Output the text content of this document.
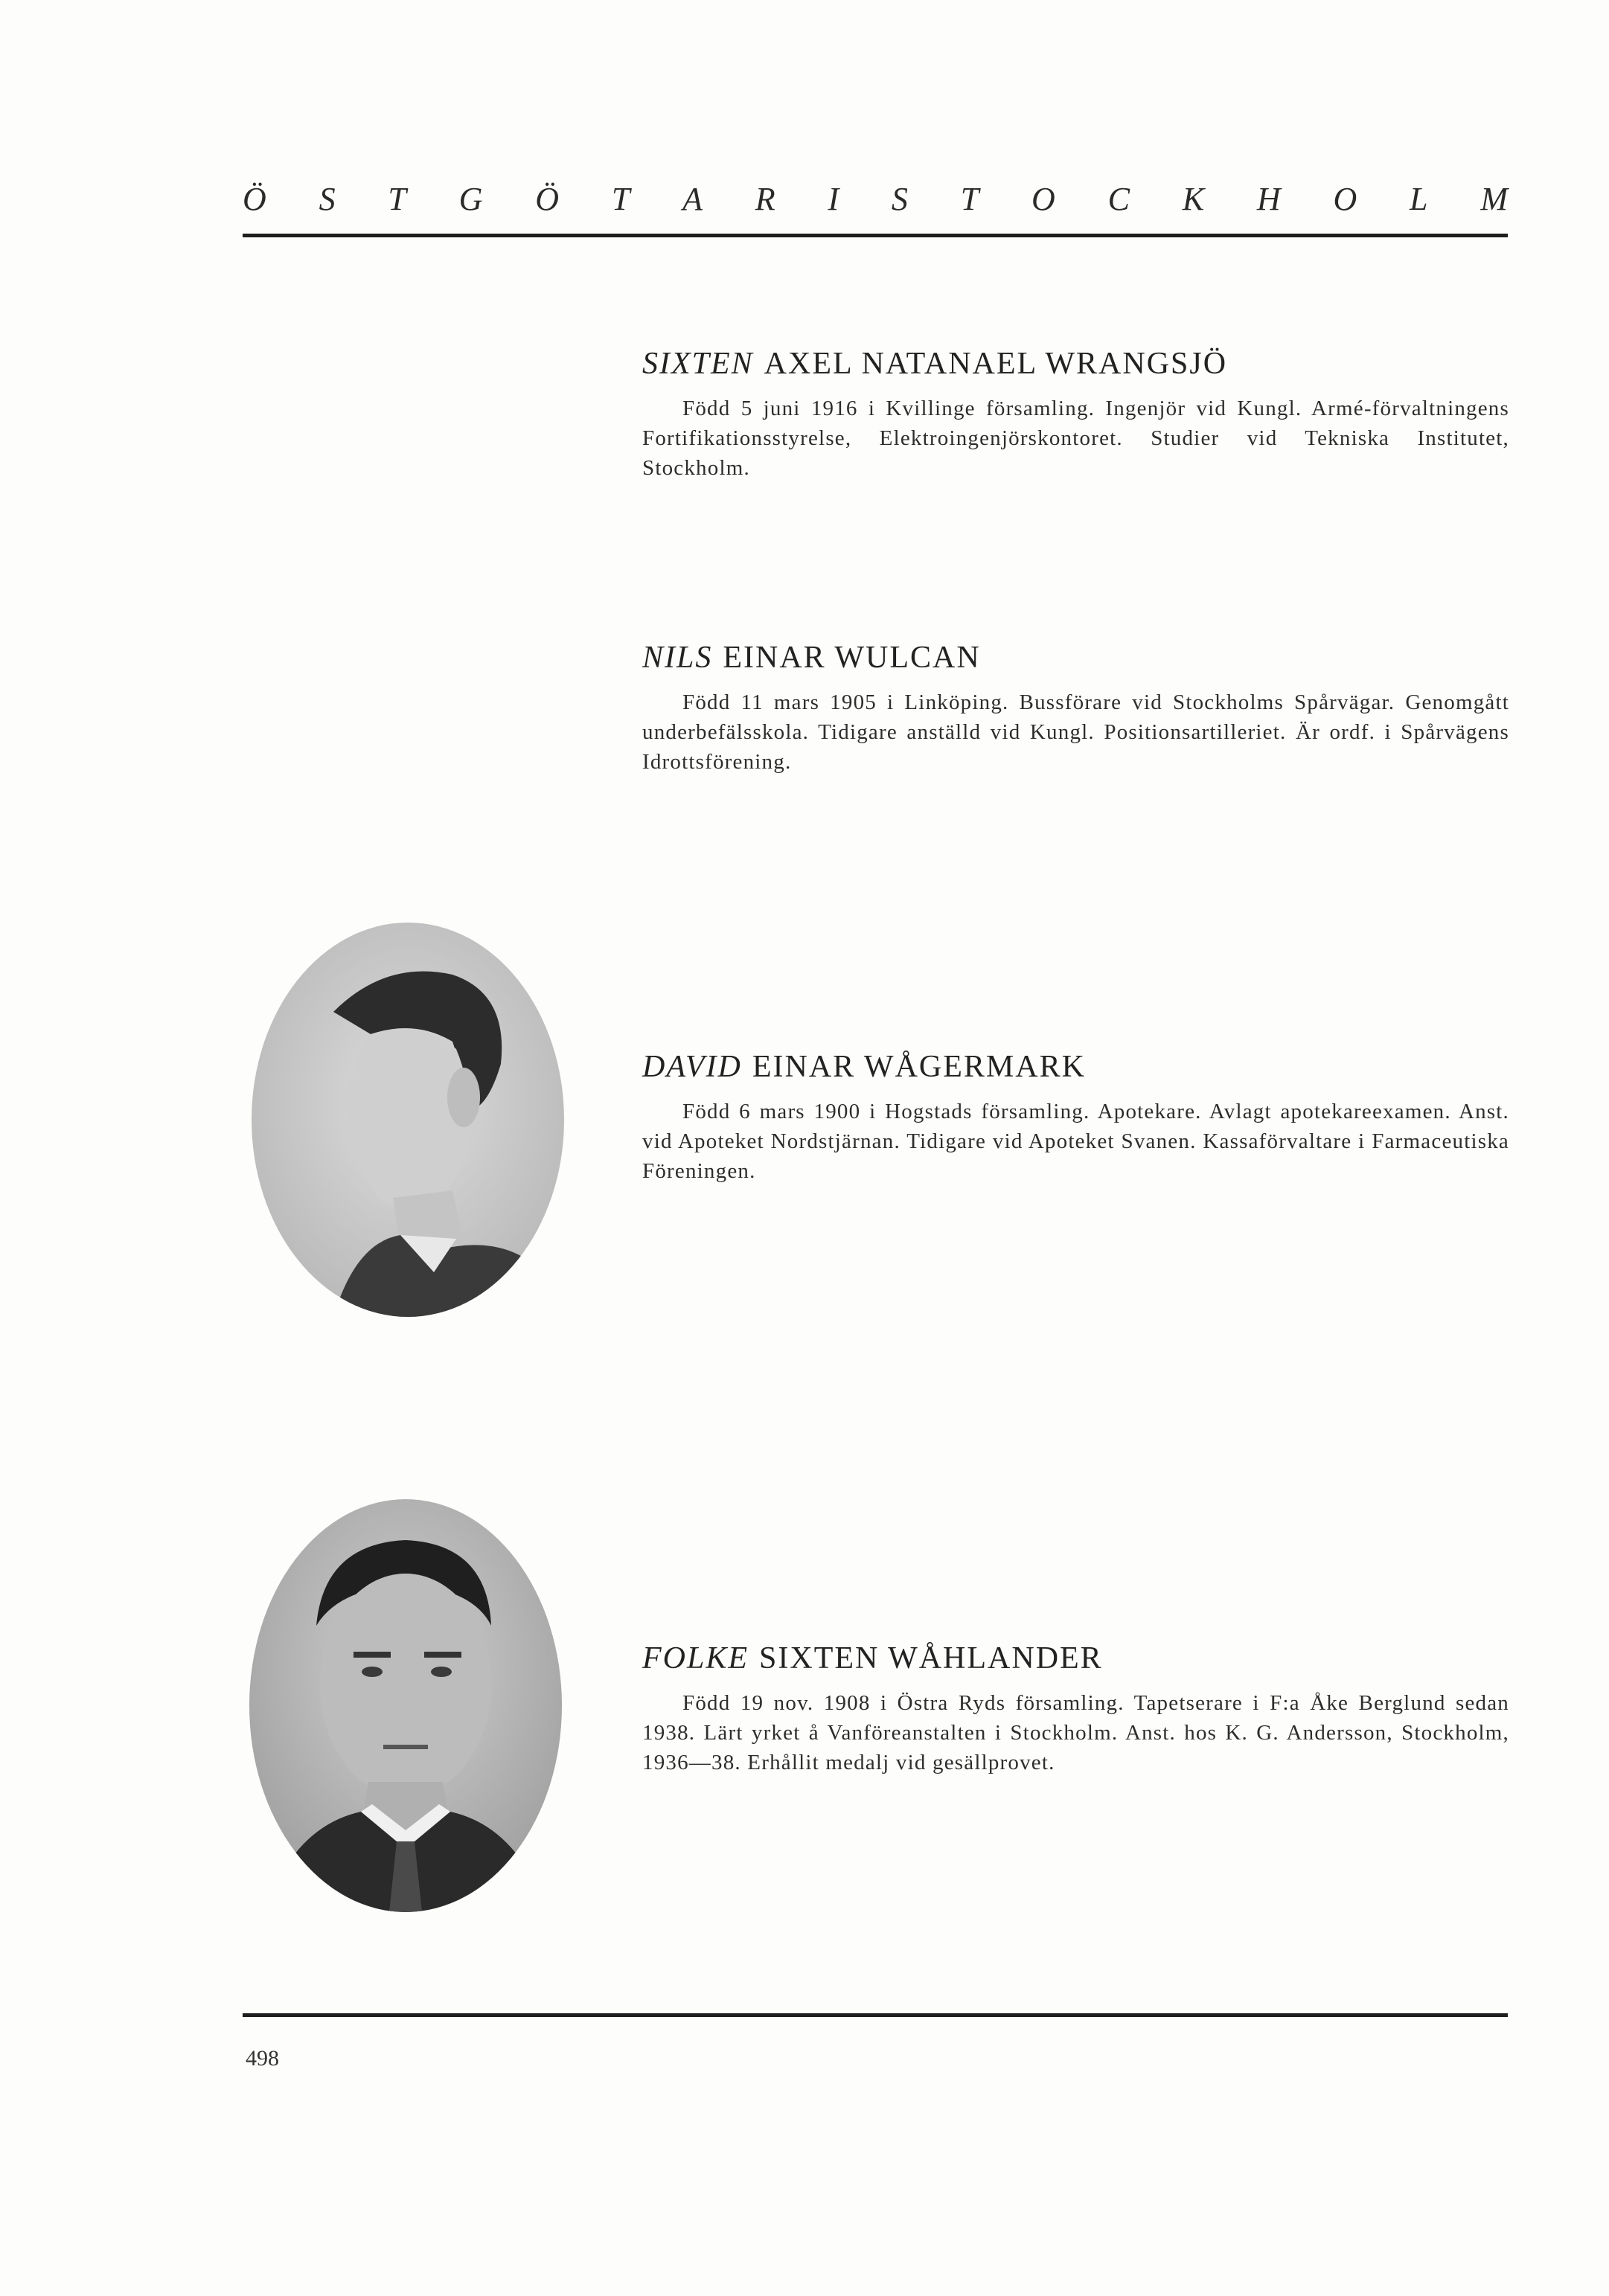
Ö S T G Ö T A R I S T O C K H O L M

SIXTEN AXEL NATANAEL WRANGSJÖ

Född 5 juni 1916 i Kvillinge församling. Ingenjör vid Kungl. Armé-förvaltningens Fortifikationsstyrelse, Elektroingenjörskontoret. Studier vid Tekniska Institutet, Stockholm.

NILS EINAR WULCAN

Född 11 mars 1905 i Linköping. Bussförare vid Stockholms Spårvägar. Genomgått underbefälsskola. Tidigare anställd vid Kungl. Positionsartilleriet. Är ordf. i Spårvägens Idrottsförening.

DAVID EINAR WÅGERMARK

Född 6 mars 1900 i Hogstads församling. Apotekare. Avlagt apotekareexamen. Anst. vid Apoteket Nordstjärnan. Tidigare vid Apoteket Svanen. Kassaförvaltare i Farmaceutiska Föreningen.

FOLKE SIXTEN WÅHLANDER

Född 19 nov. 1908 i Östra Ryds församling. Tapetserare i F:a Åke Berglund sedan 1938. Lärt yrket å Vanföreanstalten i Stockholm. Anst. hos K. G. Andersson, Stockholm, 1936—38. Erhållit medalj vid gesällprovet.

498
